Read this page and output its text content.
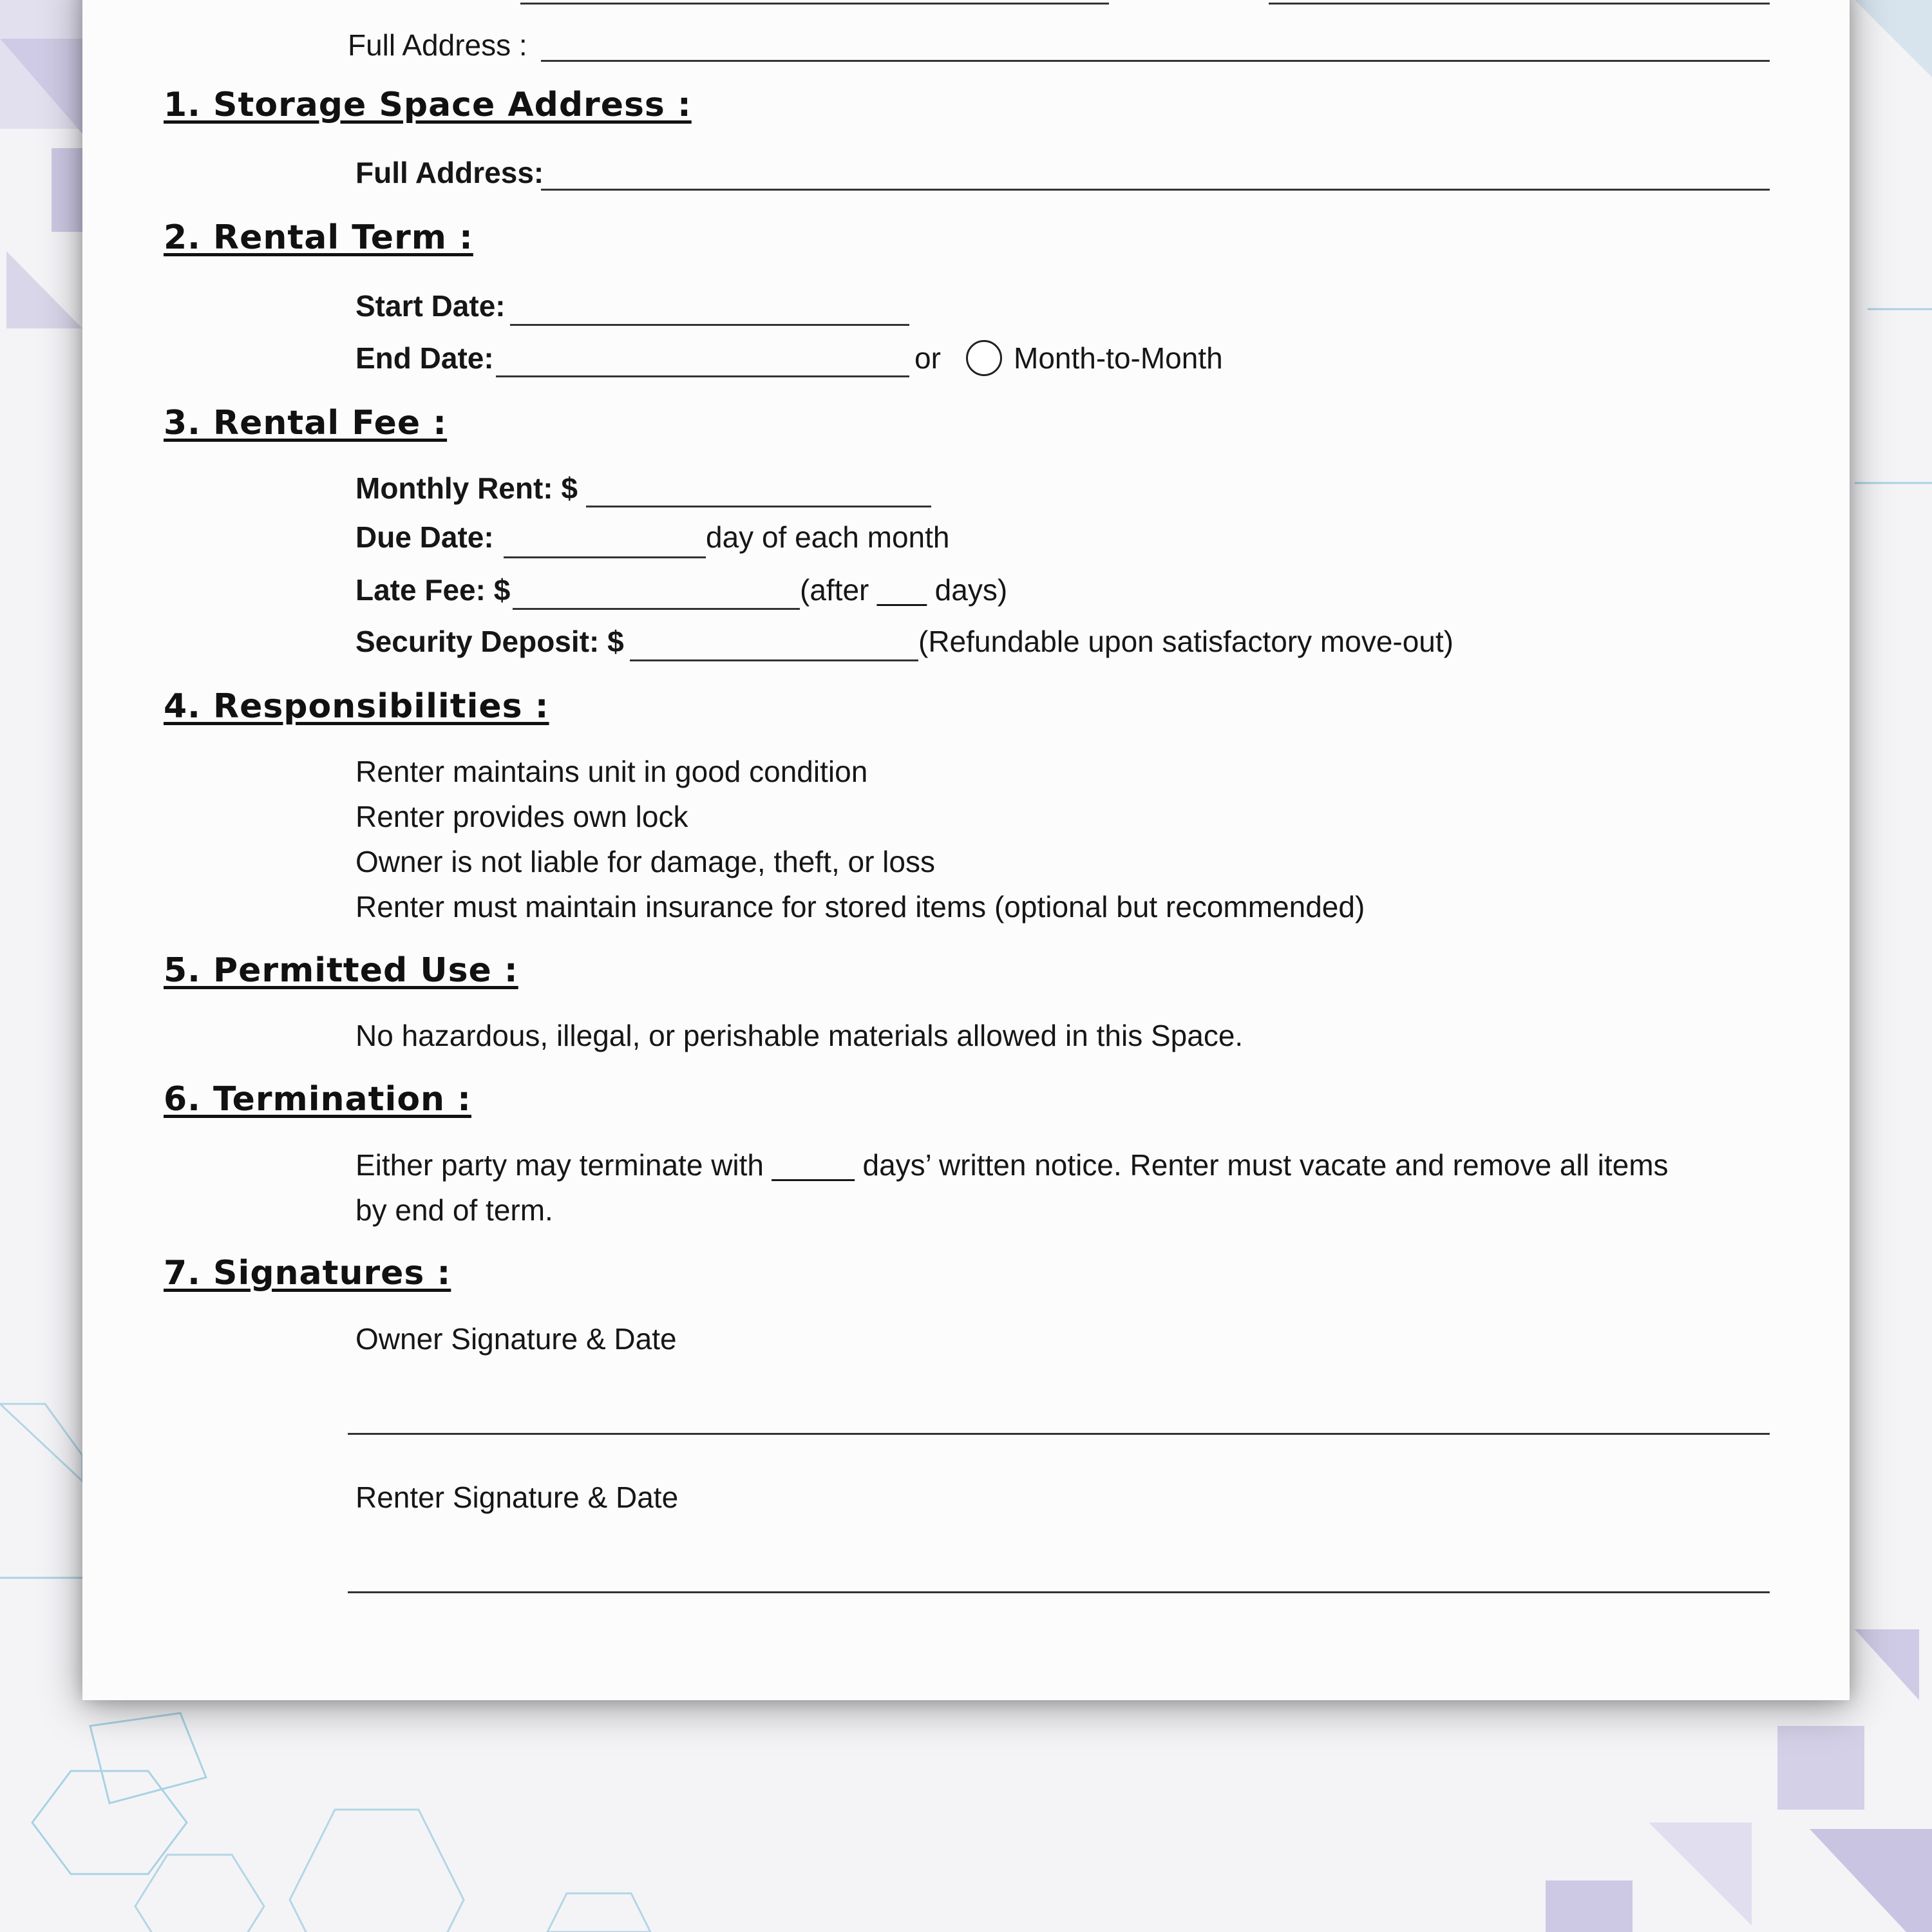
Full Address :
1. Storage Space Address :
Full Address:
2. Rental Term :
Start Date:
End Date:	or Month-to-Month
3. Rental Fee :
Monthly Rent: $
Due Date:	day of each month
Late Fee: $	(after ___ days)
Security Deposit: $	(Refundable upon satisfactory move-out)
4. Responsibilities :
Renter maintains unit in good condition
Renter provides own lock
Owner is not liable for damage, theft, or loss
Renter must maintain insurance for stored items (optional but recommended)
5. Permitted Use :
No hazardous, illegal, or perishable materials allowed in this Space.
6. Termination :
Either party may terminate with _____ days’ written notice. Renter must vacate and remove all items
by end of term.
7. Signatures :
Owner Signature & Date
Renter Signature & Date
